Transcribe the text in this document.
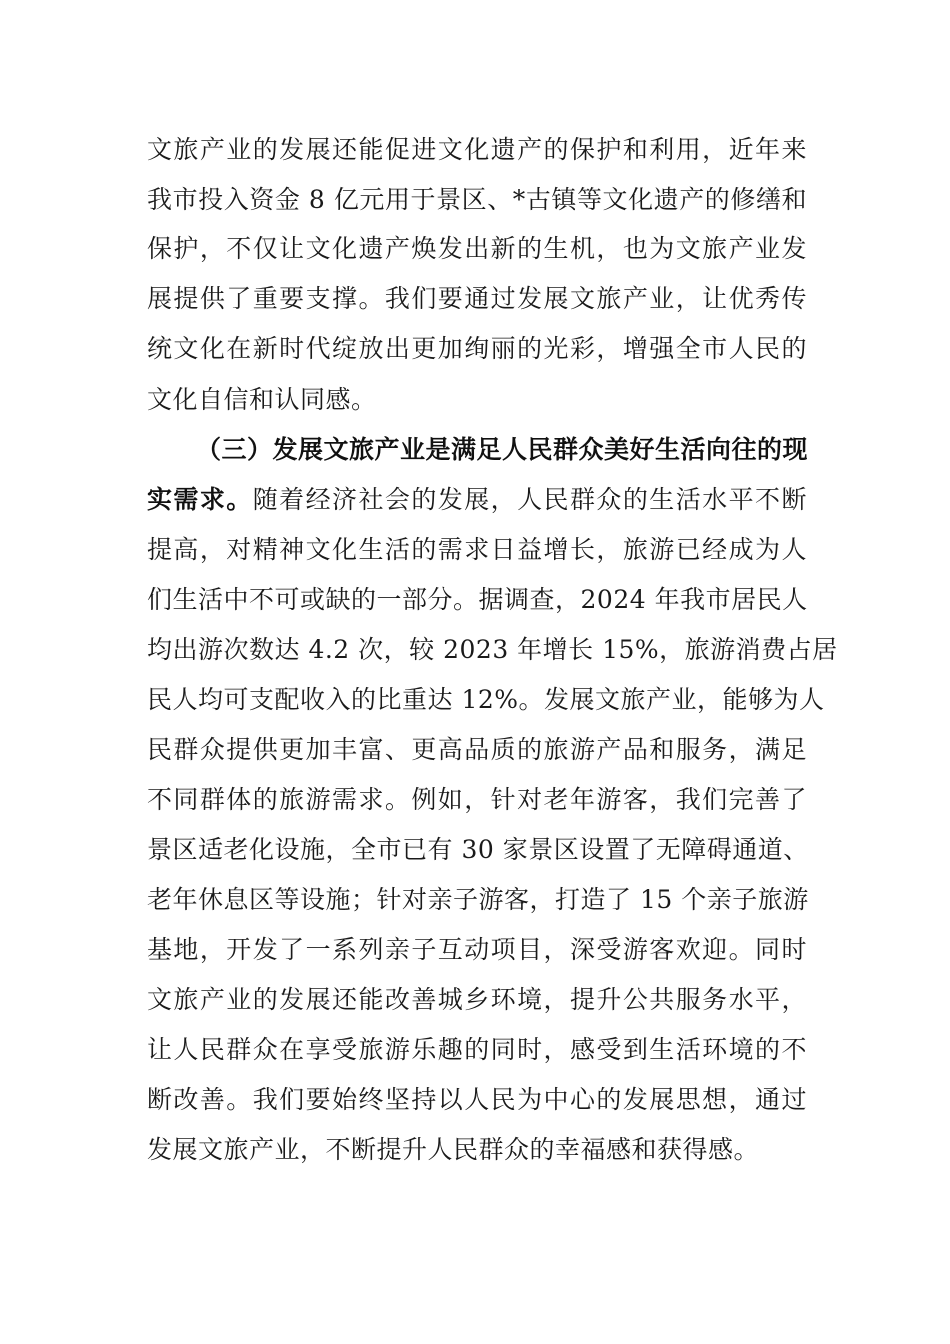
文旅产业的发展还能促进文化遗产的保护和利用，近年来
我市投入资金 8 亿元用于景区、*古镇等文化遗产的修缮和
保护，不仅让文化遗产焕发出新的生机，也为文旅产业发
展提供了重要支撑。我们要通过发展文旅产业，让优秀传
统文化在新时代绽放出更加绚丽的光彩，增强全市人民的
文化自信和认同感。
（三）发展文旅产业是满足人民群众美好生活向往的现
实需求。随着经济社会的发展，人民群众的生活水平不断
提高，对精神文化生活的需求日益增长，旅游已经成为人
们生活中不可或缺的一部分。据调查，2024 年我市居民人
均出游次数达 4.2 次，较 2023 年增长 15%，旅游消费占居
民人均可支配收入的比重达 12%。发展文旅产业，能够为人
民群众提供更加丰富、更高品质的旅游产品和服务，满足
不同群体的旅游需求。例如，针对老年游客，我们完善了
景区适老化设施，全市已有 30 家景区设置了无障碍通道、
老年休息区等设施；针对亲子游客，打造了 15 个亲子旅游
基地，开发了一系列亲子互动项目，深受游客欢迎。同时
文旅产业的发展还能改善城乡环境，提升公共服务水平，
让人民群众在享受旅游乐趣的同时，感受到生活环境的不
断改善。我们要始终坚持以人民为中心的发展思想，通过
发展文旅产业，不断提升人民群众的幸福感和获得感。
